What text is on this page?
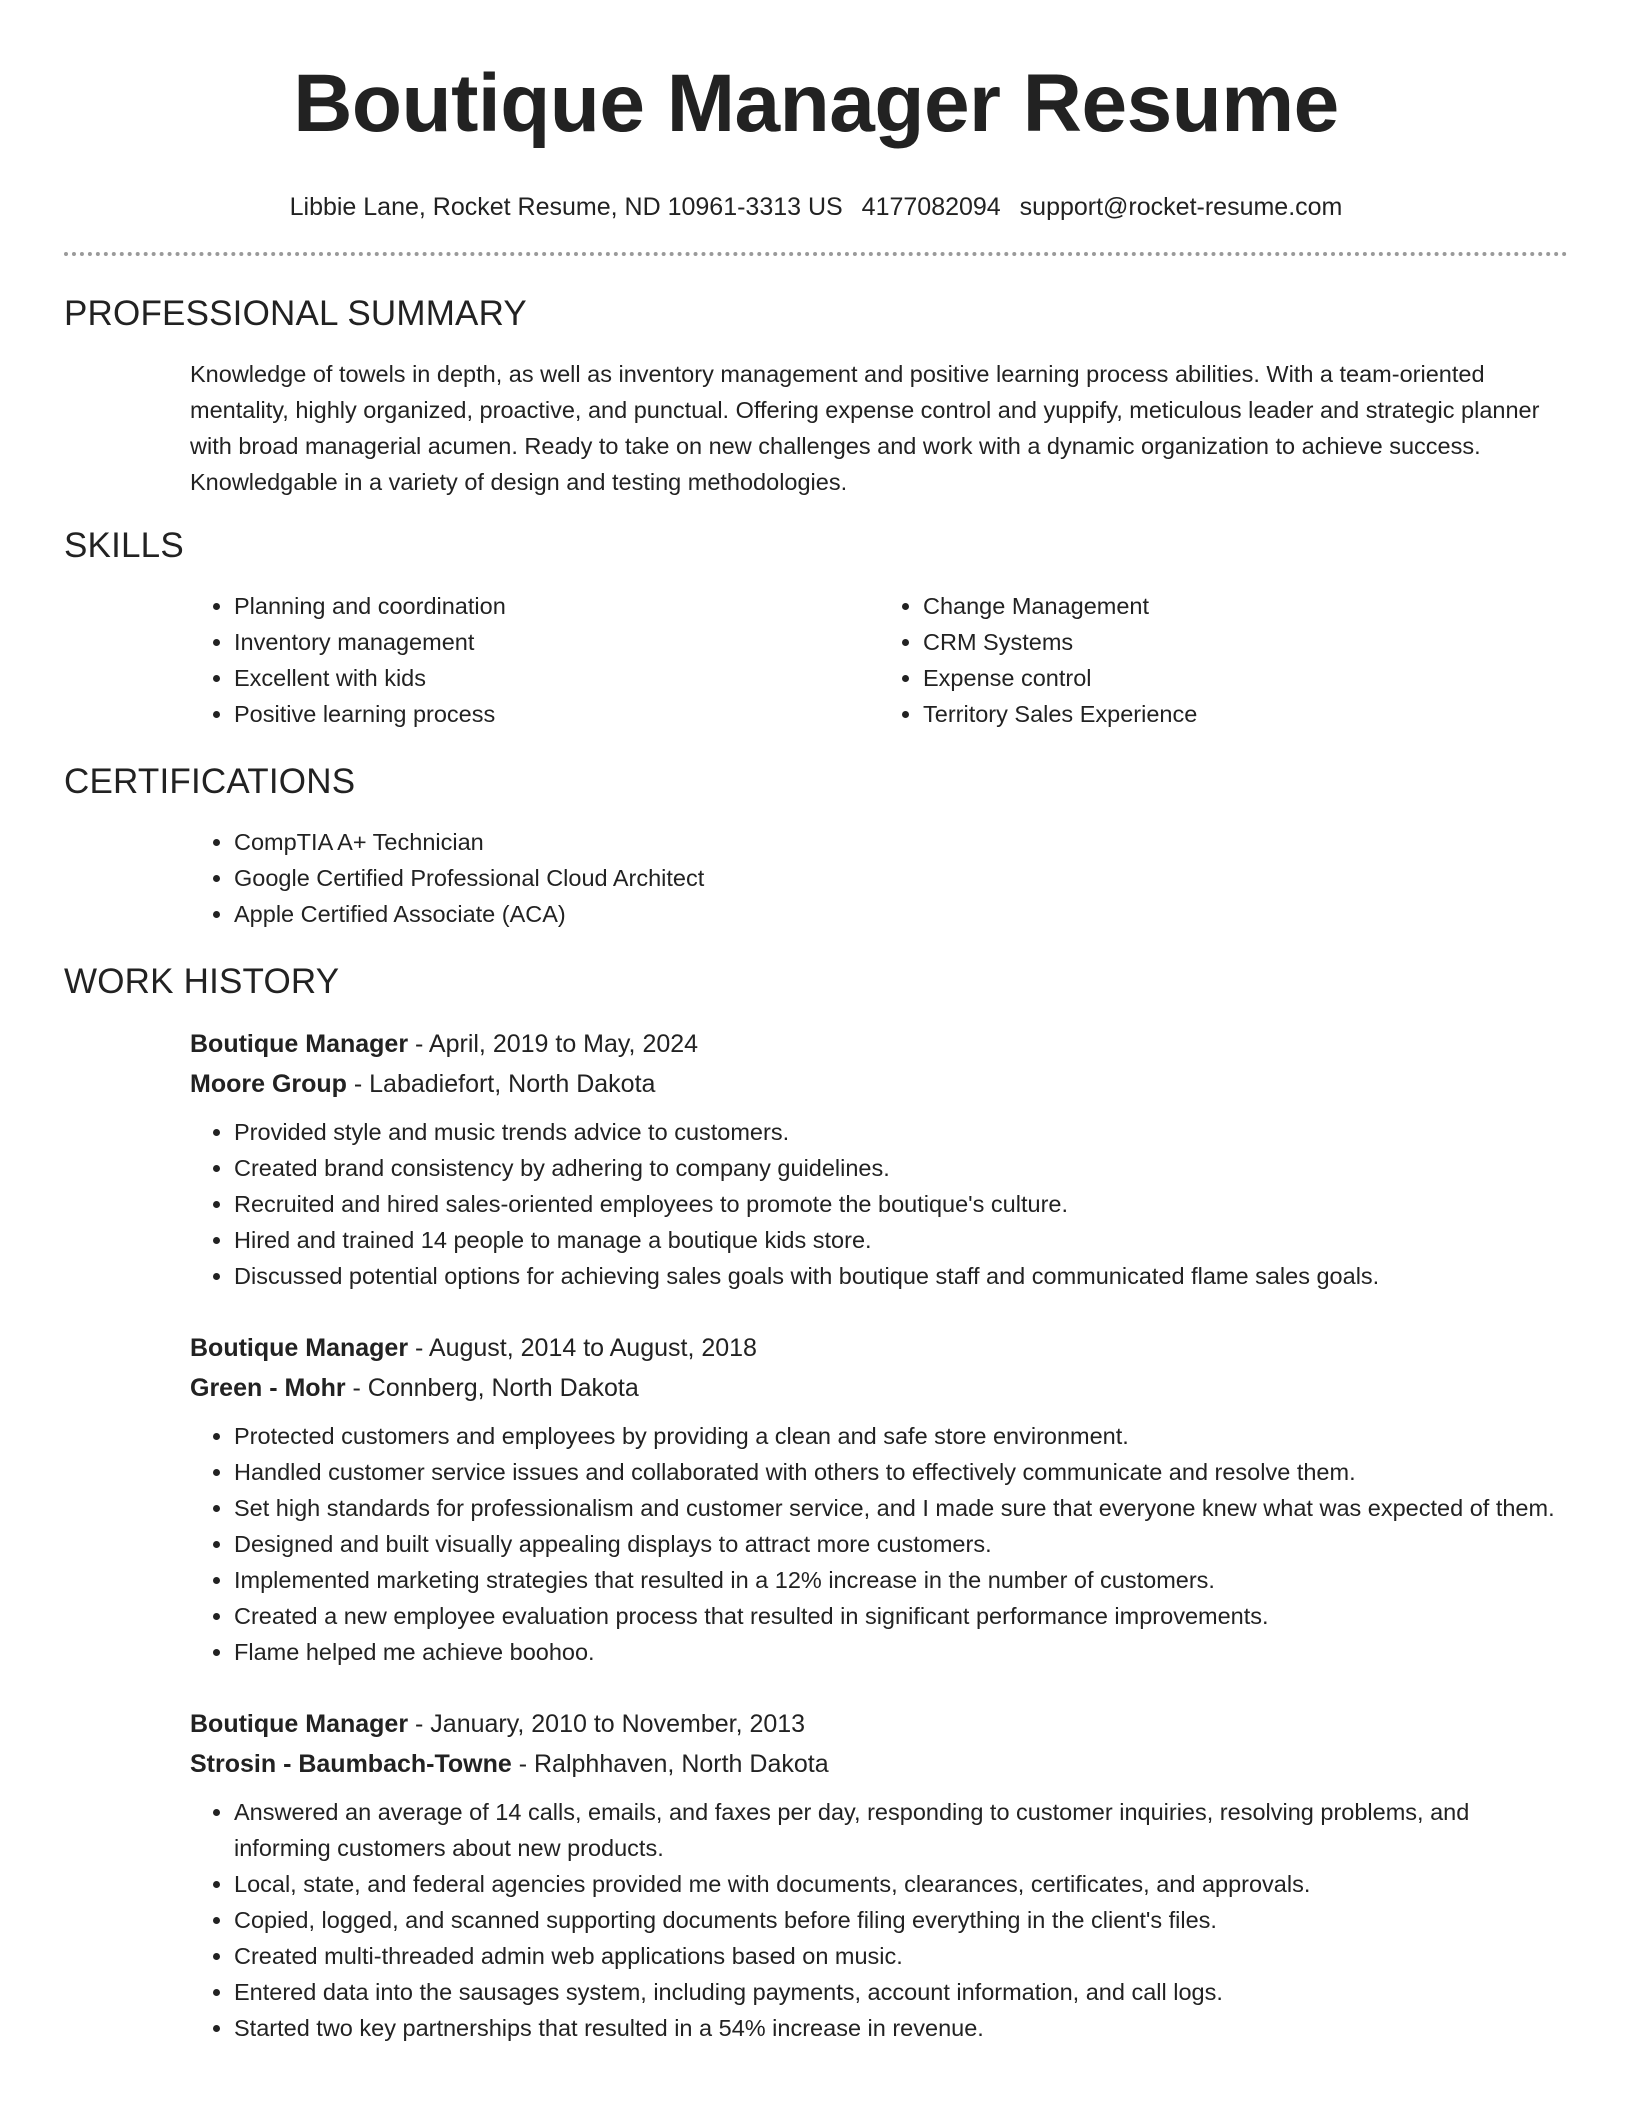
Boutique Manager Resume
Libbie Lane, Rocket Resume, ND 10961-3313 US 4177082094 support@rocket-resume.com
PROFESSIONAL SUMMARY

Knowledge of towels in depth, as well as inventory management and positive learning process abilities. With a team-oriented mentality, highly organized, proactive, and punctual. Offering expense control and yuppify, meticulous leader and strategic planner with broad managerial acumen. Ready to take on new challenges and work with a dynamic organization to achieve success. Knowledgable in a variety of design and testing methodologies.

SKILLS
• Planning and coordination
• Inventory management
• Excellent with kids
• Positive learning process
• Change Management
• CRM Systems
• Expense control
• Territory Sales Experience
CERTIFICATIONS
• CompTIA A+ Technician
• Google Certified Professional Cloud Architect
• Apple Certified Associate (ACA)
WORK HISTORY
Boutique Manager - April, 2019 to May, 2024
Moore Group - Labadiefort, North Dakota
• Provided style and music trends advice to customers.
• Created brand consistency by adhering to company guidelines.
• Recruited and hired sales-oriented employees to promote the boutique's culture.
• Hired and trained 14 people to manage a boutique kids store.
• Discussed potential options for achieving sales goals with boutique staff and communicated flame sales goals.
Boutique Manager - August, 2014 to August, 2018
Green - Mohr - Connberg, North Dakota
• Protected customers and employees by providing a clean and safe store environment.
• Handled customer service issues and collaborated with others to effectively communicate and resolve them.
• Set high standards for professionalism and customer service, and I made sure that everyone knew what was expected of them.
• Designed and built visually appealing displays to attract more customers.
• Implemented marketing strategies that resulted in a 12% increase in the number of customers.
• Created a new employee evaluation process that resulted in significant performance improvements.
• Flame helped me achieve boohoo.
Boutique Manager - January, 2010 to November, 2013
Strosin - Baumbach-Towne - Ralphhaven, North Dakota
• Answered an average of 14 calls, emails, and faxes per day, responding to customer inquiries, resolving problems, and informing customers about new products.
• Local, state, and federal agencies provided me with documents, clearances, certificates, and approvals.
• Copied, logged, and scanned supporting documents before filing everything in the client's files.
• Created multi-threaded admin web applications based on music.
• Entered data into the sausages system, including payments, account information, and call logs.
• Started two key partnerships that resulted in a 54% increase in revenue.
